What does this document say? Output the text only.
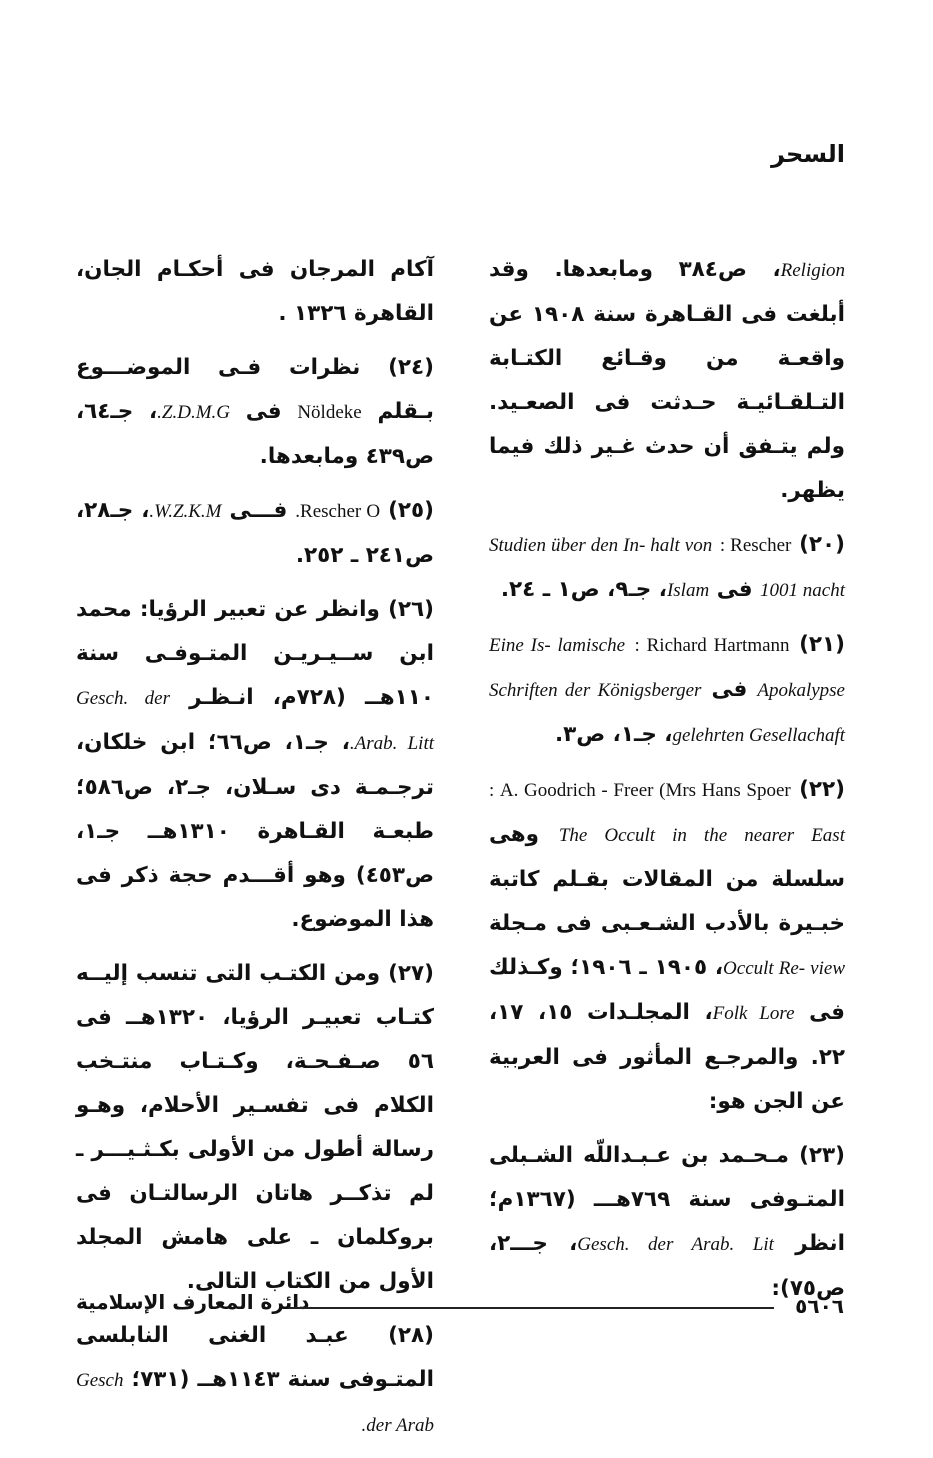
السحر

Religion، ص٣٨٤ ومابعدها. وقد أبلغت فى القـاهرة سنة ١٩٠٨ عن واقعـة من وقـائع الكتـابة التـلقـائيـة حـدثت فى الصعـيد. ولم يتـفق أن حدث غـير ذلك فيما يظهر.

(٢٠) Rescher : Studien über den In- halt von 1001 nacht فى Islam، جـ٩، ص١ ـ ٢٤.

(٢١) Richard Hartmann : Eine Is- lamische Apokalypse فى Schriften der Königsberger gelehrten Gesellachaft، جـ١، ص٣.

(٢٢) A. Goodrich - Freer (Mrs Hans Spoer : The Occult in the nearer East وهى سلسلة من المقالات بقـلم كاتبة خبـيرة بالأدب الشـعـبى فى مـجلة Occult Re- view، ١٩٠٥ ـ ١٩٠٦؛ وكـذلك فى Folk Lore، المجلـدات ١٥، ١٧، ٢٢. والمرجـع المأثور فى العربية عن الجن هو:

(٢٣) مـحـمد بن عـبـداللّه الشـبلى المتـوفى سنة ٧٦٩هـــ (١٣٦٧م؛ انظر Gesch. der Arab. Lit، جـــ٢، ص٧٥):

آكام المرجان فى أحكـام الجان، القاهرة ١٣٢٦ .

(٢٤) نظرات فـى الموضـــوع بـقلم Nöldeke فى Z.D.M.G.، جـ٦٤، ص٤٣٩ ومابعدها.

(٢٥) Rescher O. فـــى W.Z.K.M.، جـ٢٨، ص٢٤١ ـ ٢٥٢.

(٢٦) وانظر عن تعبير الرؤيا: محمد ابن ســيـريـن المتـوفـى سنة ١١٠هــ (٧٢٨م، انـظـر Gesch. der Arab. Litt.، جـ١، ص٦٦؛ ابن خلكان، ترجـمـة دى سـلان، جـ٢، ص٥٨٦؛ طبعـة القـاهرة ١٣١٠هــ جـ١، ص٤٥٣) وهو أقـــدم حجة ذكر فى هذا الموضوع.

(٢٧) ومن الكتـب التى تنسب إليــه كتـاب تعبيـر الرؤيا، ١٣٢٠هــ فى ٥٦ صـفـحـة، وكـتـاب منتـخب الكلام فى تفسـير الأحلام، وهـو رسالة أطول من الأولى بكـثـيـــر ـ لم تذكــر هاتان الرسالتـان فى بروكلمان ـ على هامش المجلد الأول من الكتاب التالى.

(٢٨) عبـد الغنى النابلسى المتـوفى سنة ١١٤٣هــ (٧٣١؛ Gesch der Arab.

دائرة المعارف الإسلامية	٥٦٠٦
